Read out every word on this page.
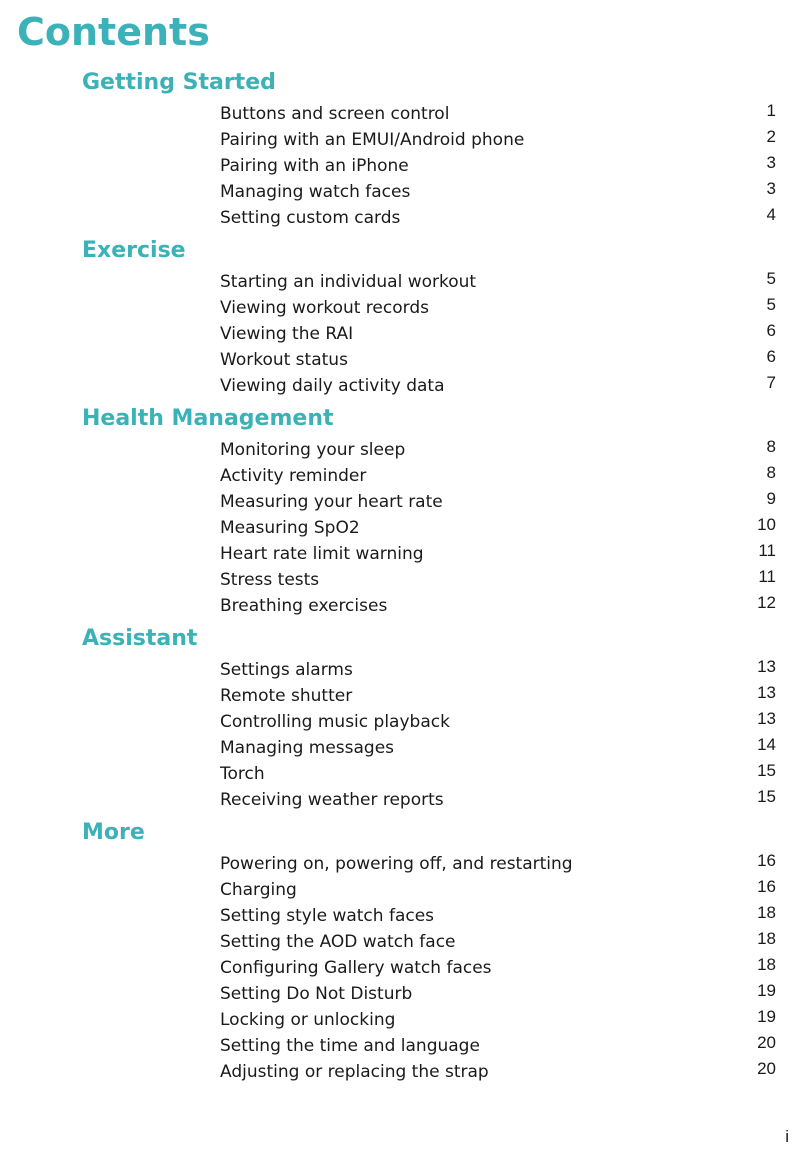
Contents
Getting Started
Buttons and screen control	1
Pairing with an EMUI/Android phone	2
Pairing with an iPhone	3
Managing watch faces	3
Setting custom cards	4
Exercise
Starting an individual workout	5
Viewing workout records	5
Viewing the RAI	6
Workout status	6
Viewing daily activity data	7
Health Management
Monitoring your sleep	8
Activity reminder	8
Measuring your heart rate	9
Measuring SpO2	10
Heart rate limit warning	11
Stress tests	11
Breathing exercises	12
Assistant
Settings alarms	13
Remote shutter	13
Controlling music playback	13
Managing messages	14
Torch	15
Receiving weather reports	15
More
Powering on, powering off, and restarting	16
Charging	16
Setting style watch faces	18
Setting the AOD watch face	18
Configuring Gallery watch faces	18
Setting Do Not Disturb	19
Locking or unlocking	19
Setting the time and language	20
Adjusting or replacing the strap	20
i
